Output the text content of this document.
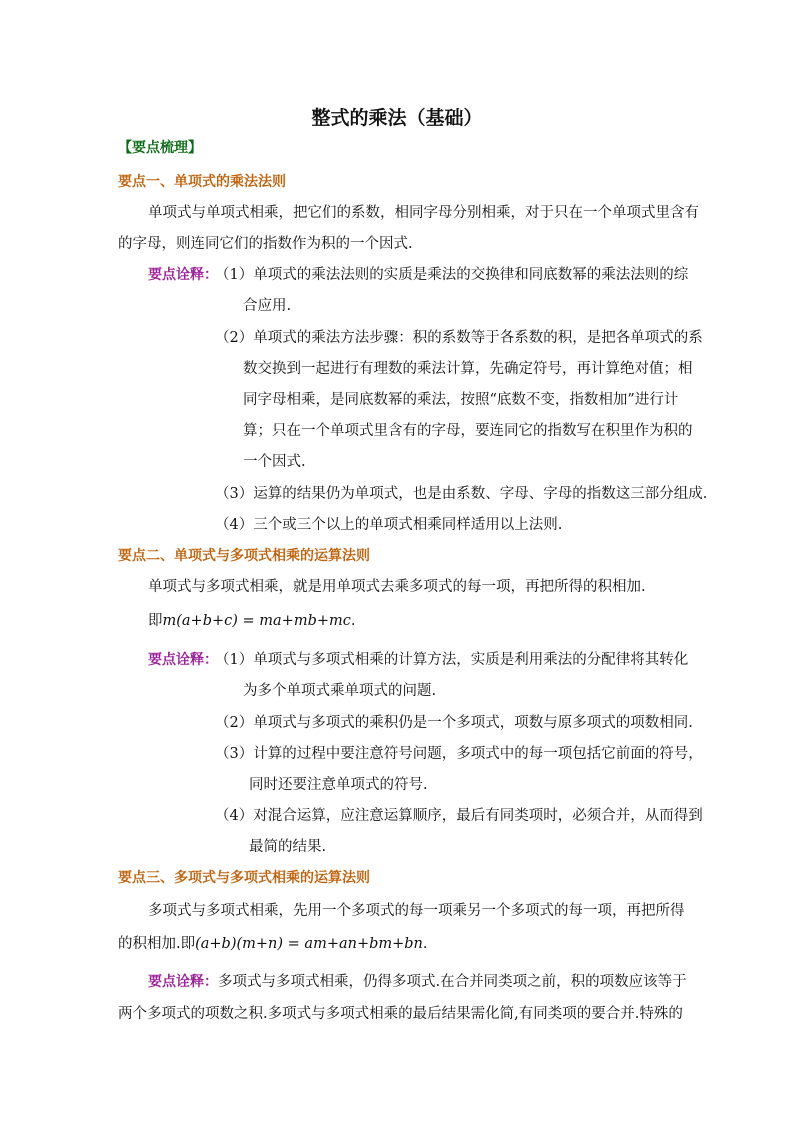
整式的乘法（基础）
【要点梳理】
要点一、单项式的乘法法则
单项式与单项式相乘，把它们的系数，相同字母分别相乘，对于只在一个单项式里含有
的字母，则连同它们的指数作为积的一个因式.
要点诠释：
（1）单项式的乘法法则的实质是乘法的交换律和同底数幂的乘法法则的综
合应用.
（2）单项式的乘法方法步骤：积的系数等于各系数的积，是把各单项式的系
数交换到一起进行有理数的乘法计算，先确定符号，再计算绝对值；相
同字母相乘，是同底数幂的乘法，按照“底数不变，指数相加”进行计
算；只在一个单项式里含有的字母，要连同它的指数写在积里作为积的
一个因式.
（3）运算的结果仍为单项式，也是由系数、字母、字母的指数这三部分组成.
（4）三个或三个以上的单项式相乘同样适用以上法则.
要点二、单项式与多项式相乘的运算法则
单项式与多项式相乘，就是用单项式去乘多项式的每一项，再把所得的积相加.
即m(a+b+c) = ma+mb+mc.
要点诠释：
（1）单项式与多项式相乘的计算方法，实质是利用乘法的分配律将其转化
为多个单项式乘单项式的问题.
（2）单项式与多项式的乘积仍是一个多项式，项数与原多项式的项数相同.
（3）计算的过程中要注意符号问题，多项式中的每一项包括它前面的符号，
同时还要注意单项式的符号.
（4）对混合运算，应注意运算顺序，最后有同类项时，必须合并，从而得到
最简的结果.
要点三、多项式与多项式相乘的运算法则
多项式与多项式相乘，先用一个多项式的每一项乘另一个多项式的每一项，再把所得
的积相加.即(a+b)(m+n) = am+an+bm+bn.
要点诠释：多项式与多项式相乘，仍得多项式.在合并同类项之前，积的项数应该等于
两个多项式的项数之积.多项式与多项式相乘的最后结果需化简,有同类项的要合并.特殊的
